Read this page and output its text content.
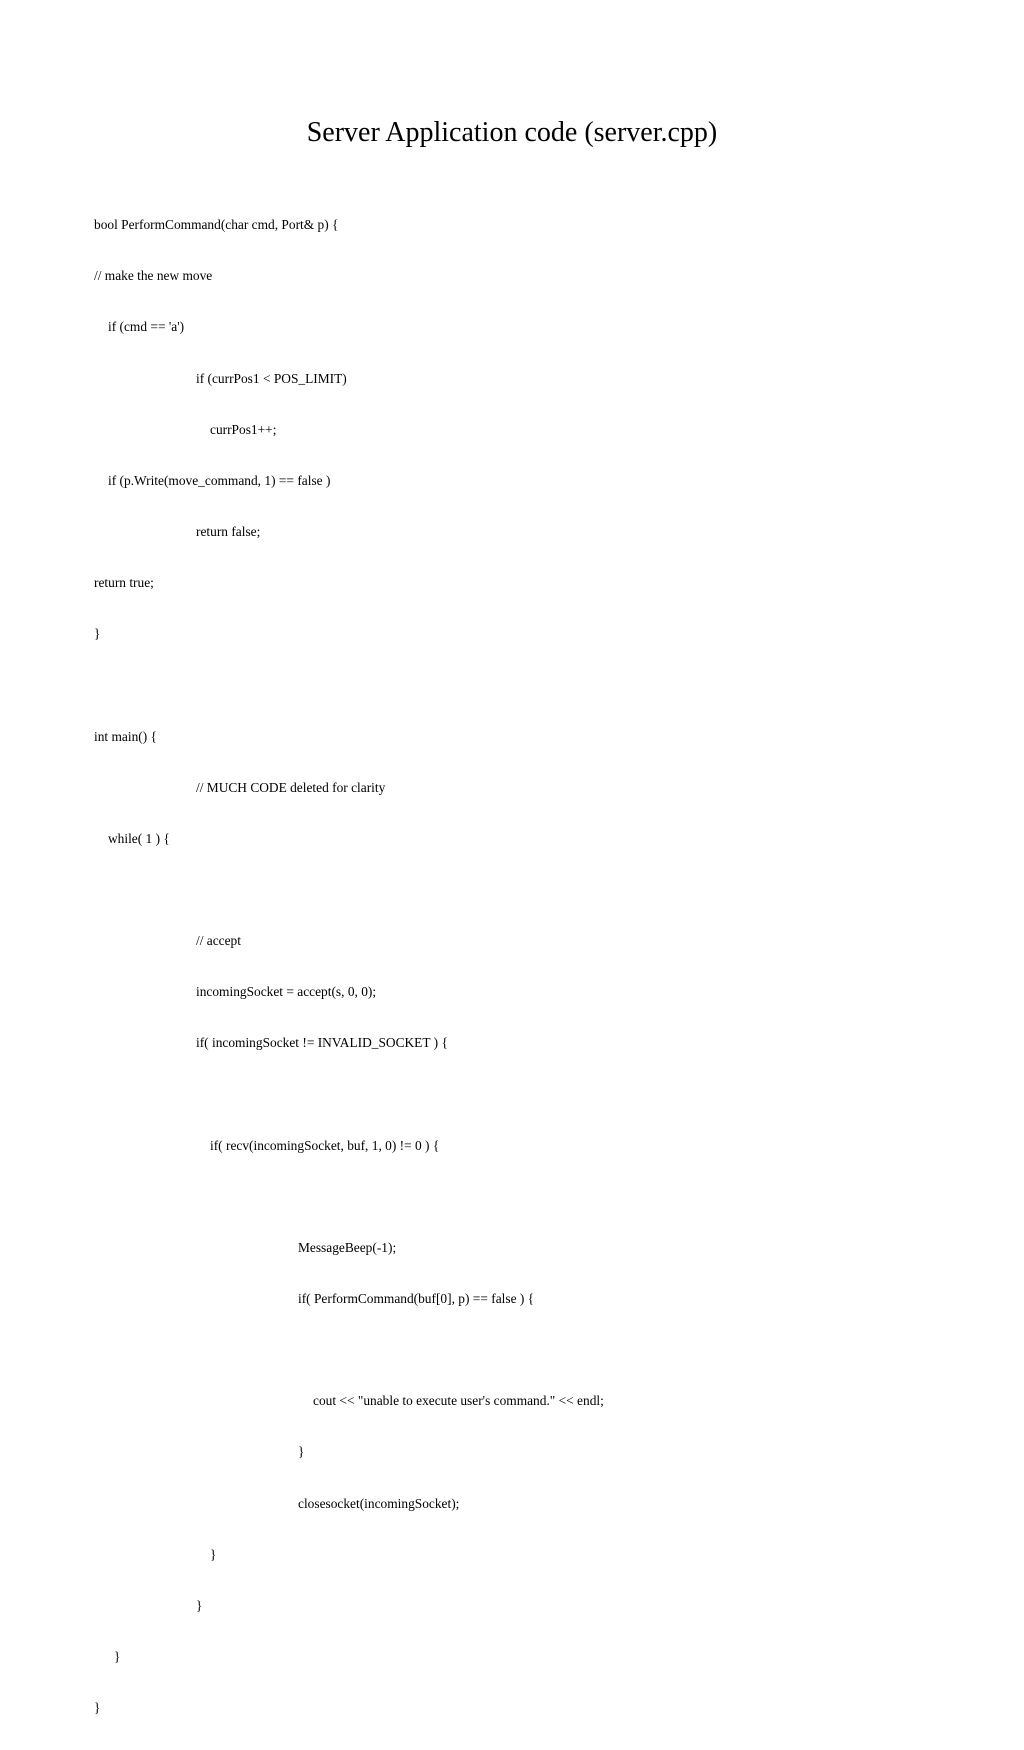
Server Application code (server.cpp)

bool PerformCommand(char cmd, Port& p) {

// make the new move

if (cmd == 'a')

if (currPos1 < POS_LIMIT)

currPos1++;

if (p.Write(move_command, 1) == false )

return false;

return true;

}

int main() {

// MUCH CODE deleted for clarity

while( 1 ) {

// accept

incomingSocket = accept(s, 0, 0);

if( incomingSocket != INVALID_SOCKET ) {

if( recv(incomingSocket, buf, 1, 0) != 0 ) {

MessageBeep(-1);

if( PerformCommand(buf[0], p) == false ) {

cout << "unable to execute user's command." << endl;

}

closesocket(incomingSocket);

}

}

}

}
